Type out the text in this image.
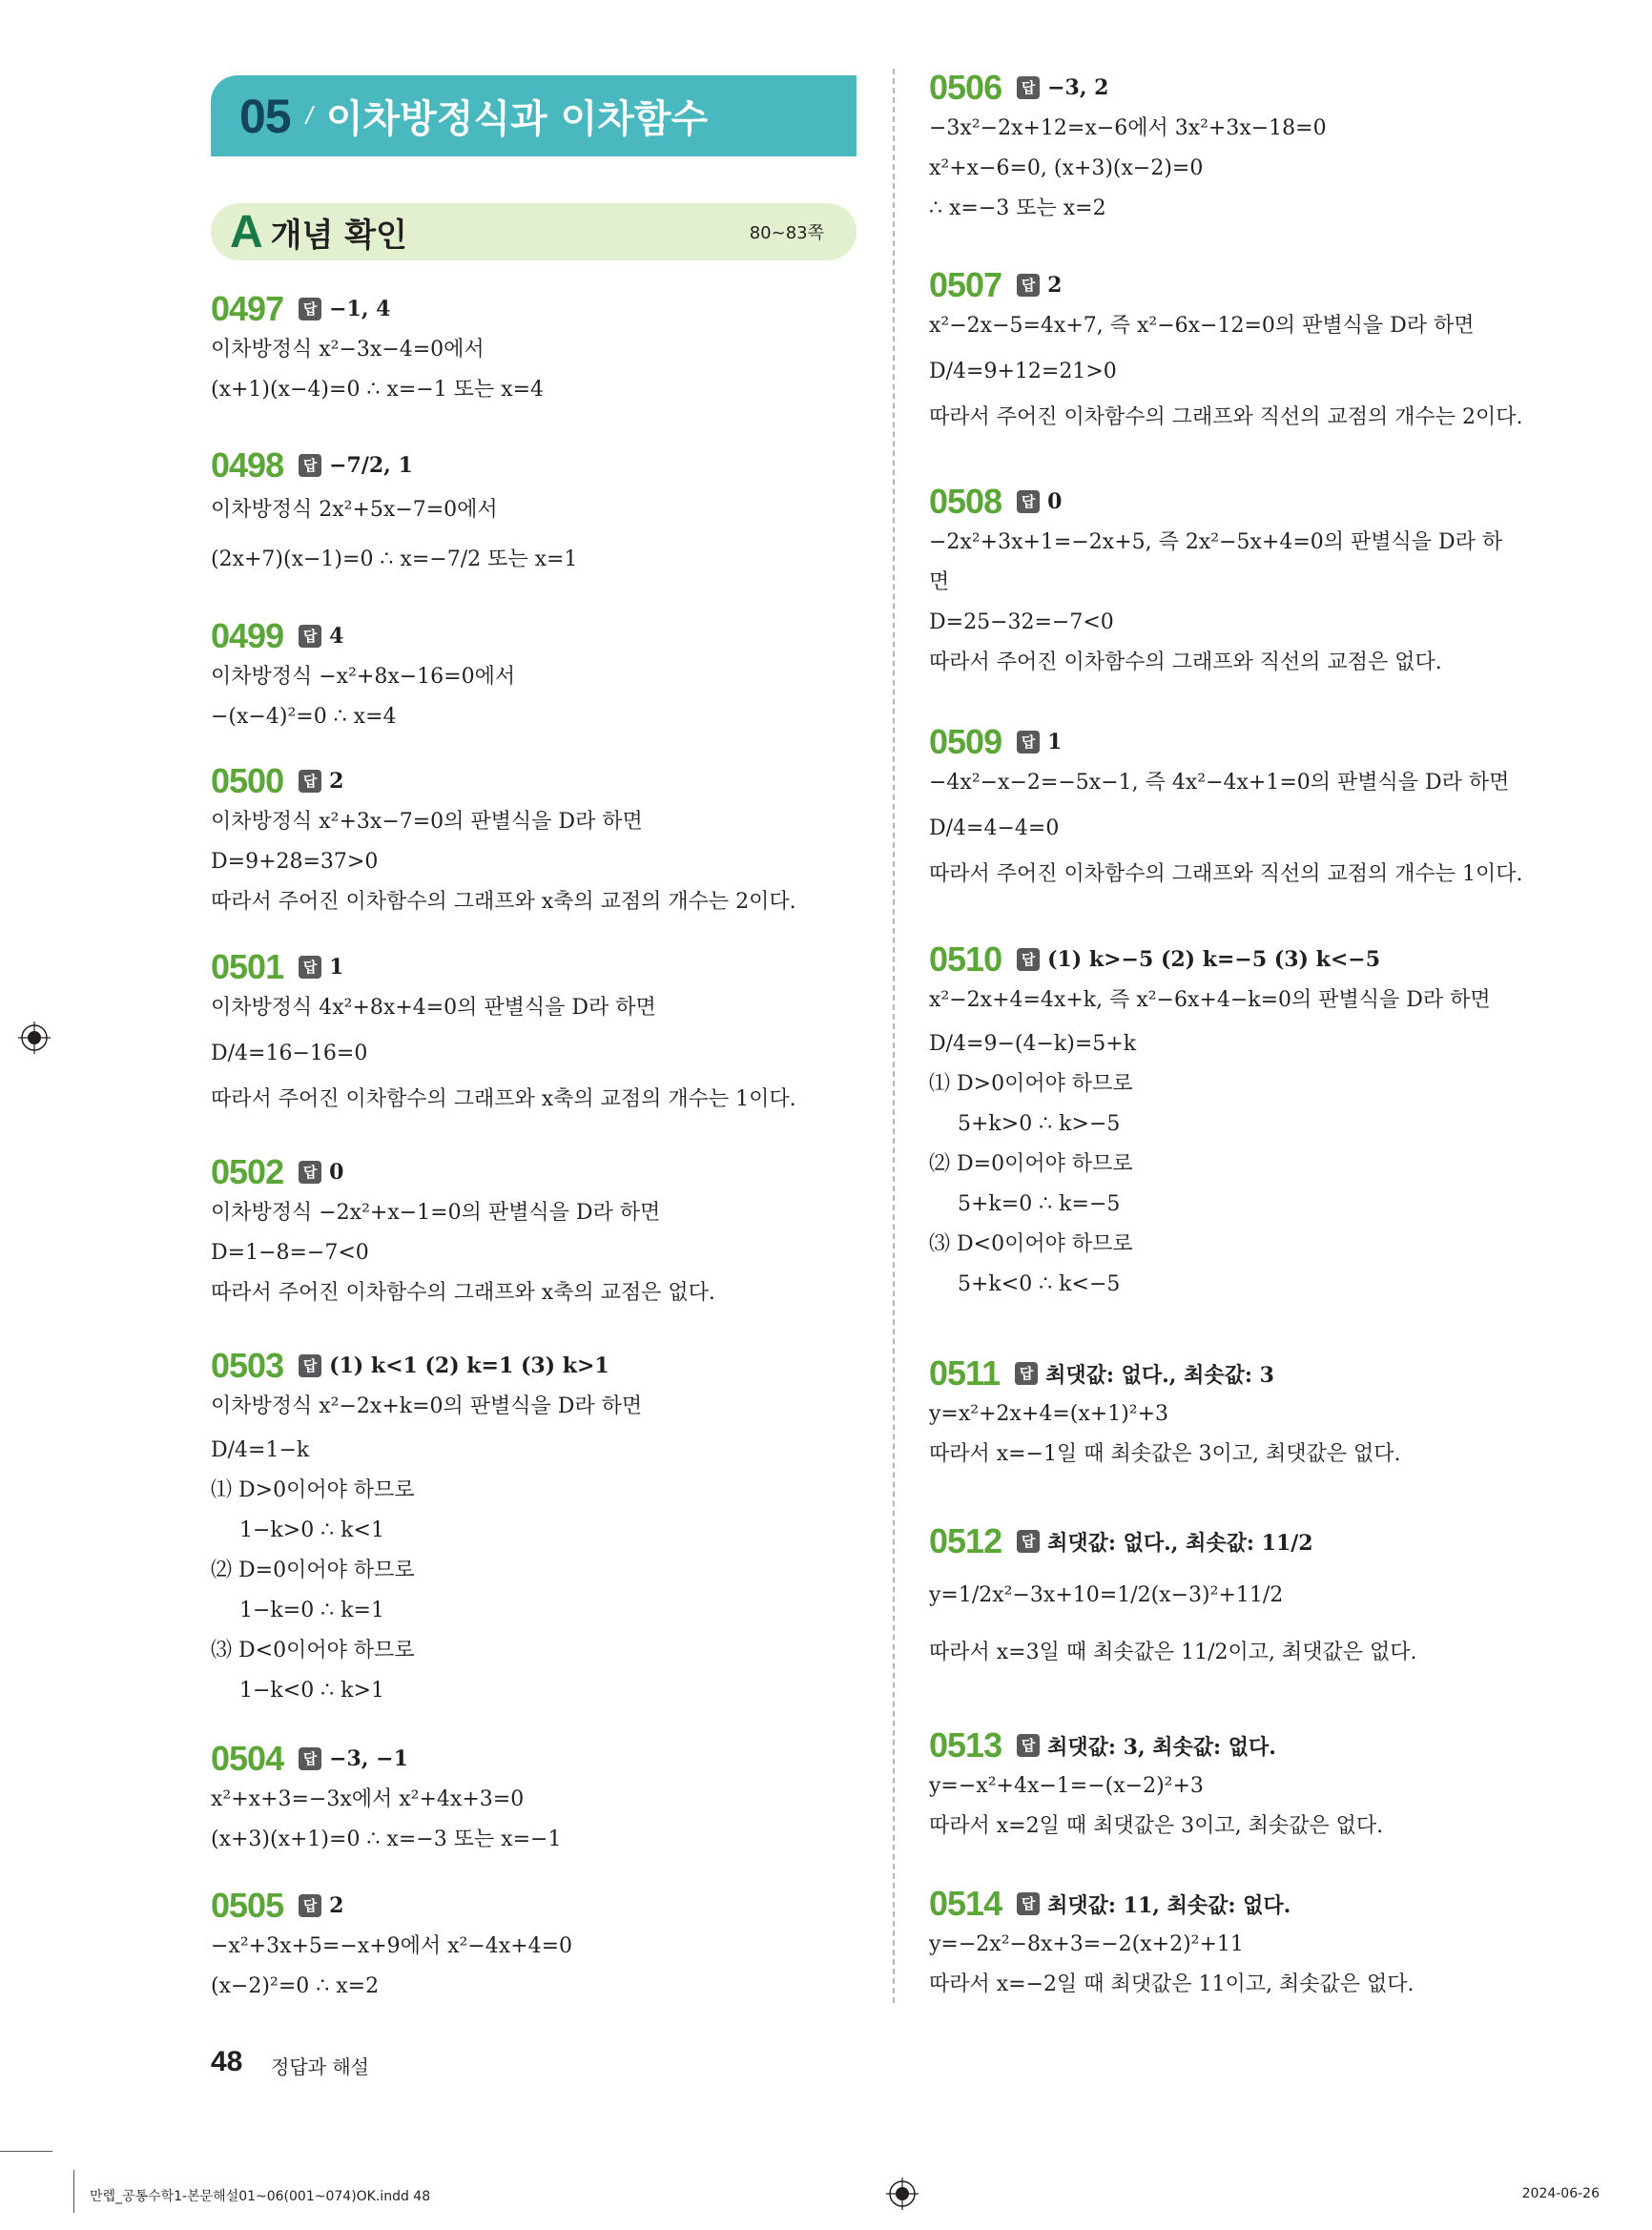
05 / 이차방정식과 이차함수
A 개념 확인	80~83쪽
0497	답 −1, 4
이차방정식 x²−3x−4=0에서
(x+1)(x−4)=0 ∴ x=−1 또는 x=4
0498	답 −7/2, 1
이차방정식 2x²+5x−7=0에서
(2x+7)(x−1)=0 ∴ x=−7/2 또는 x=1
0499	답 4
이차방정식 −x²+8x−16=0에서
−(x−4)²=0 ∴ x=4
0500	답 2
이차방정식 x²+3x−7=0의 판별식을 D라 하면
D=9+28=37>0
따라서 주어진 이차함수의 그래프와 x축의 교점의 개수는 2이다.
0501	답 1
이차방정식 4x²+8x+4=0의 판별식을 D라 하면
D/4=16−16=0
따라서 주어진 이차함수의 그래프와 x축의 교점의 개수는 1이다.
0502	답 0
이차방정식 −2x²+x−1=0의 판별식을 D라 하면
D=1−8=−7<0
따라서 주어진 이차함수의 그래프와 x축의 교점은 없다.
0503	답 (1) k<1 (2) k=1 (3) k>1
이차방정식 x²−2x+k=0의 판별식을 D라 하면
D/4=1−k
⑴ D>0이어야 하므로
1−k>0 ∴ k<1
⑵ D=0이어야 하므로
1−k=0 ∴ k=1
⑶ D<0이어야 하므로
1−k<0 ∴ k>1
0504	답 −3, −1
x²+x+3=−3x에서 x²+4x+3=0
(x+3)(x+1)=0 ∴ x=−3 또는 x=−1
0505	답 2
−x²+3x+5=−x+9에서 x²−4x+4=0
(x−2)²=0 ∴ x=2
0506	답 −3, 2
−3x²−2x+12=x−6에서 3x²+3x−18=0
x²+x−6=0, (x+3)(x−2)=0
∴ x=−3 또는 x=2
0507	답 2
x²−2x−5=4x+7, 즉 x²−6x−12=0의 판별식을 D라 하면
D/4=9+12=21>0
따라서 주어진 이차함수의 그래프와 직선의 교점의 개수는 2이다.
0508	답 0
−2x²+3x+1=−2x+5, 즉 2x²−5x+4=0의 판별식을 D라 하
면
D=25−32=−7<0
따라서 주어진 이차함수의 그래프와 직선의 교점은 없다.
0509	답 1
−4x²−x−2=−5x−1, 즉 4x²−4x+1=0의 판별식을 D라 하면
D/4=4−4=0
따라서 주어진 이차함수의 그래프와 직선의 교점의 개수는 1이다.
0510	답 (1) k>−5 (2) k=−5 (3) k<−5
x²−2x+4=4x+k, 즉 x²−6x+4−k=0의 판별식을 D라 하면
D/4=9−(4−k)=5+k
⑴ D>0이어야 하므로
5+k>0 ∴ k>−5
⑵ D=0이어야 하므로
5+k=0 ∴ k=−5
⑶ D<0이어야 하므로
5+k<0 ∴ k<−5
0511	답 최댓값: 없다., 최솟값: 3
y=x²+2x+4=(x+1)²+3
따라서 x=−1일 때 최솟값은 3이고, 최댓값은 없다.
0512	답 최댓값: 없다., 최솟값: 11/2
y=1/2x²−3x+10=1/2(x−3)²+11/2
따라서 x=3일 때 최솟값은 11/2이고, 최댓값은 없다.
0513	답 최댓값: 3, 최솟값: 없다.
y=−x²+4x−1=−(x−2)²+3
따라서 x=2일 때 최댓값은 3이고, 최솟값은 없다.
0514	답 최댓값: 11, 최솟값: 없다.
y=−2x²−8x+3=−2(x+2)²+11
따라서 x=−2일 때 최댓값은 11이고, 최솟값은 없다.
48 정답과 해설
만렙_공통수학1-본문해설01~06(001~074)OK.indd 48	2024-06-26
